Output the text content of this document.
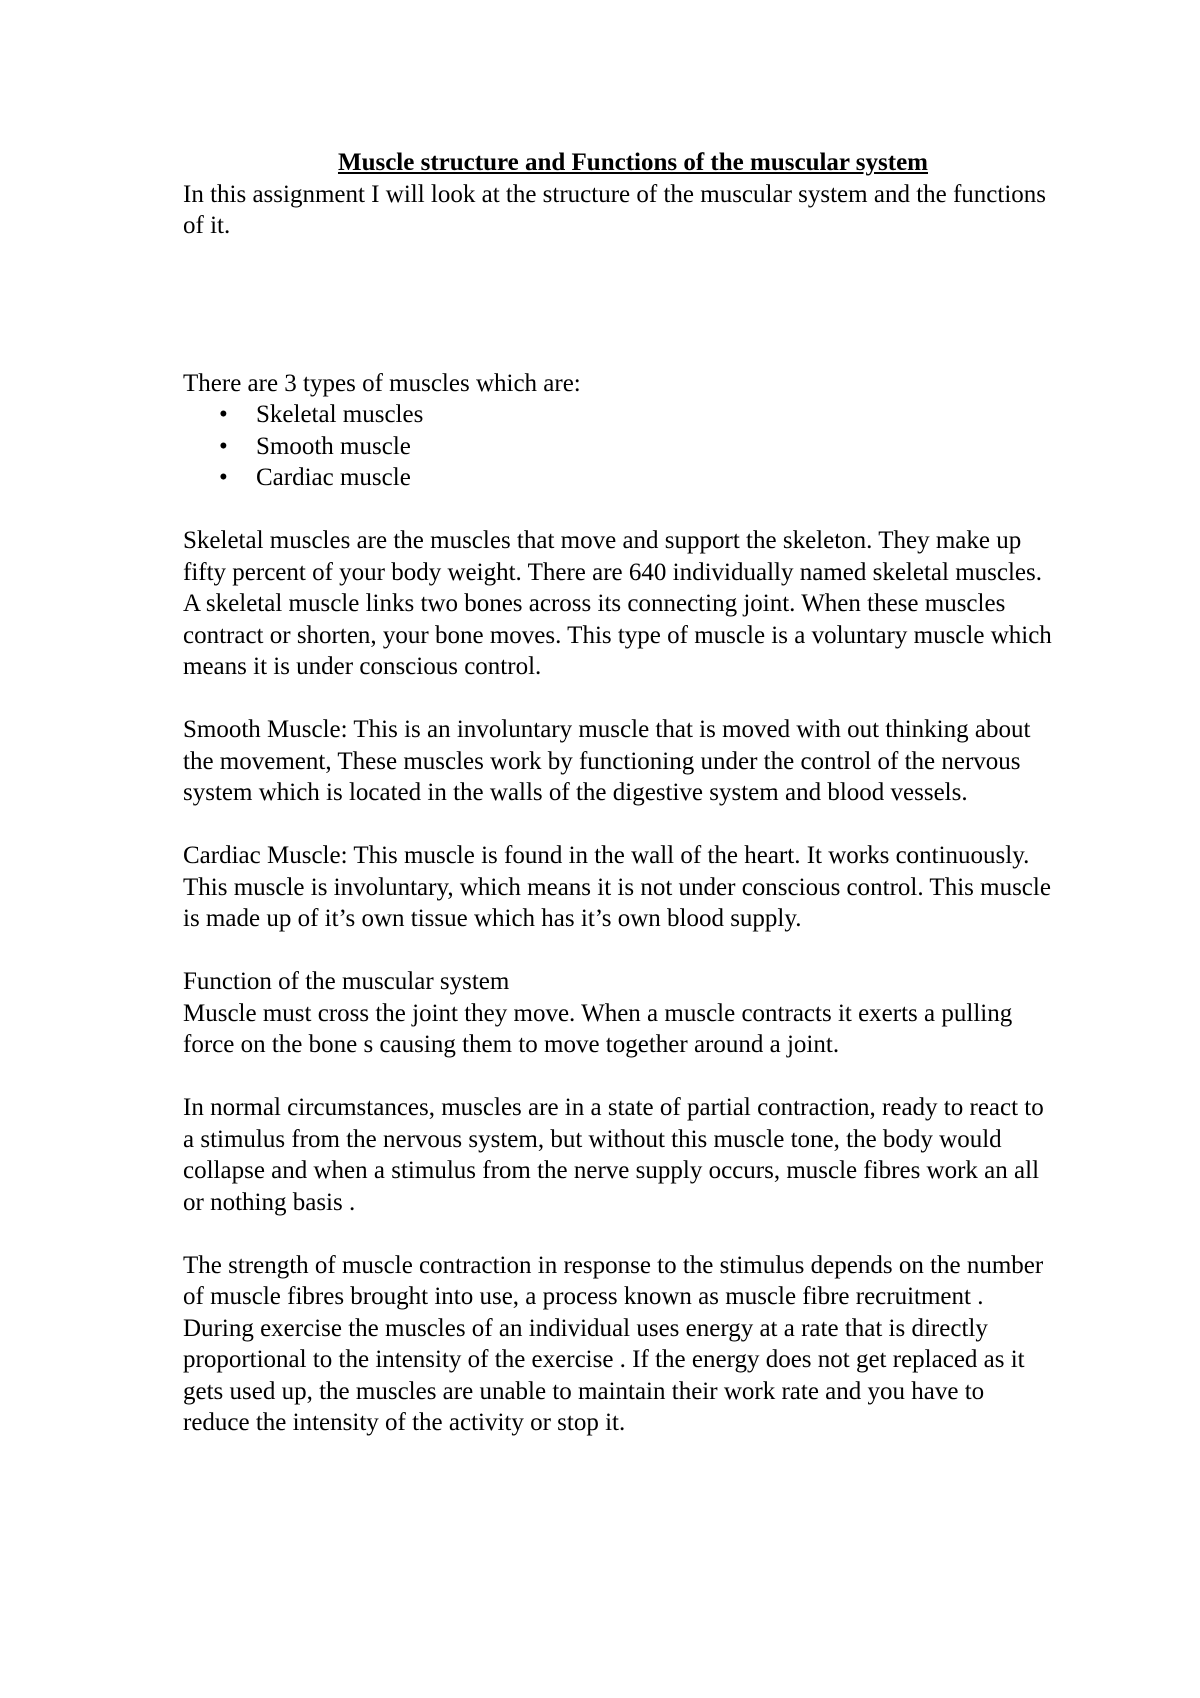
Muscle structure and Functions of the muscular system

In this assignment I will look at the structure of the muscular system and the functions of it.

There are 3 types of muscles which are:

• Skeletal muscles
• Smooth muscle
• Cardiac muscle

Skeletal muscles are the muscles that move and support the skeleton. They make up fifty percent of your body weight. There are 640 individually named skeletal muscles. A skeletal muscle links two bones across its connecting joint. When these muscles contract or shorten, your bone moves. This type of muscle is a voluntary muscle which means it is under conscious control.

Smooth Muscle: This is an involuntary muscle that is moved with out thinking about the movement, These muscles work by functioning under the control of the nervous system which is located in the walls of the digestive system and blood vessels.

Cardiac Muscle: This muscle is found in the wall of the heart. It works continuously. This muscle is involuntary, which means it is not under conscious control. This muscle is made up of it’s own tissue which has it’s own blood supply.

Function of the muscular system

Muscle must cross the joint they move. When a muscle contracts it exerts a pulling force on the bone s causing them to move together around a joint.

In normal circumstances, muscles are in a state of partial contraction, ready to react to a stimulus from the nervous system, but without this muscle tone, the body would collapse and when a stimulus from the nerve supply occurs, muscle fibres work an all or nothing basis .

The strength of muscle contraction in response to the stimulus depends on the number of muscle fibres brought into use, a process known as muscle fibre recruitment . During exercise the muscles of an individual uses energy at a rate that is directly proportional to the intensity of the exercise . If the energy does not get replaced as it gets used up, the muscles are unable to maintain their work rate and you have to reduce the intensity of the activity or stop it.
